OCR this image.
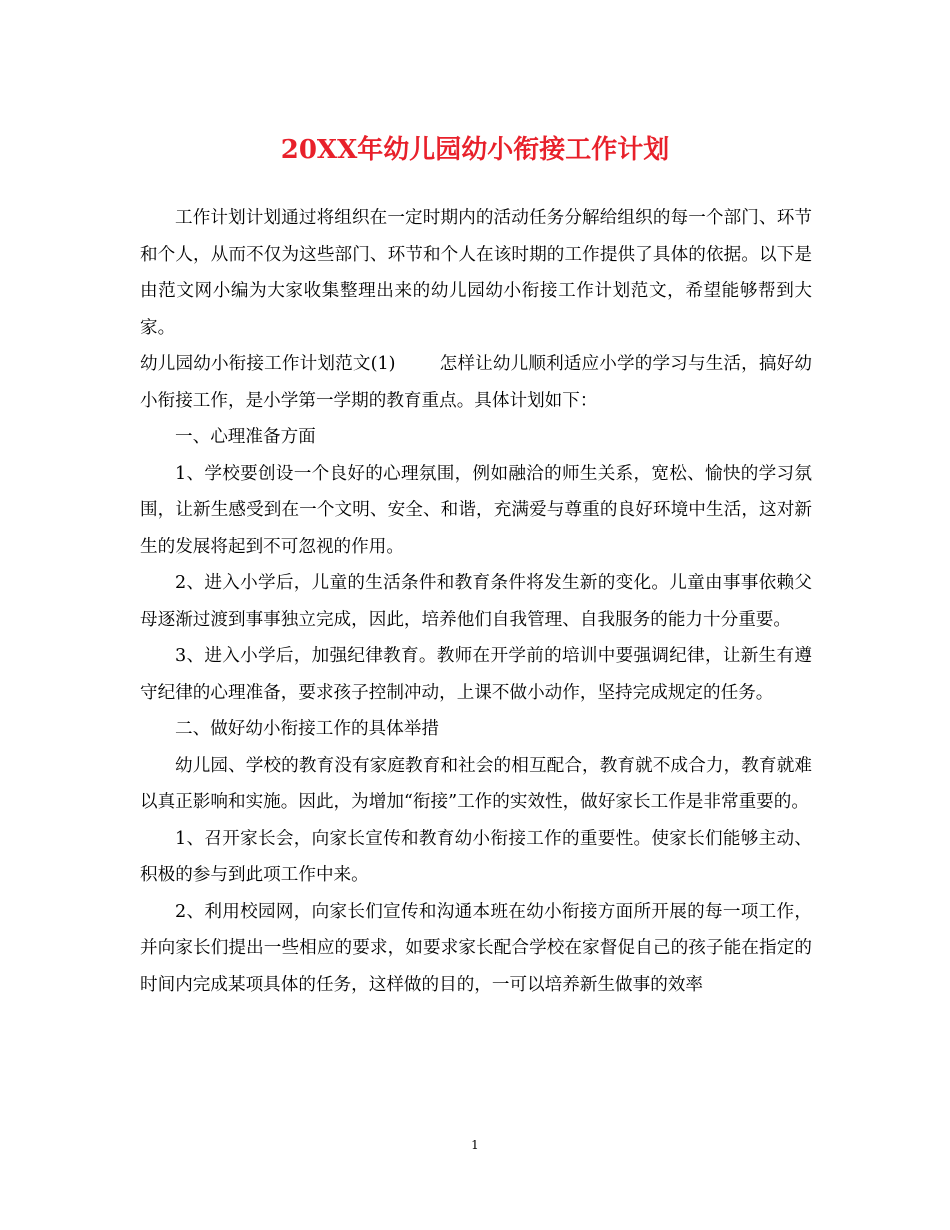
20XX年幼儿园幼小衔接工作计划

工作计划计划通过将组织在一定时期内的活动任务分解给组织的每一个部门、环节和个人，从而不仅为这些部门、环节和个人在该时期的工作提供了具体的依据。以下是由范文网小编为大家收集整理出来的幼儿园幼小衔接工作计划范文，希望能够帮到大家。

幼儿园幼小衔接工作计划范文(1)	怎样让幼儿顺利适应小学的学习与生活，搞好幼小衔接工作，是小学第一学期的教育重点。具体计划如下：

一、心理准备方面

1、学校要创设一个良好的心理氛围，例如融洽的师生关系，宽松、愉快的学习氛围，让新生感受到在一个文明、安全、和谐，充满爱与尊重的良好环境中生活，这对新生的发展将起到不可忽视的作用。

2、进入小学后，儿童的生活条件和教育条件将发生新的变化。儿童由事事依赖父母逐渐过渡到事事独立完成，因此，培养他们自我管理、自我服务的能力十分重要。

3、进入小学后，加强纪律教育。教师在开学前的培训中要强调纪律，让新生有遵守纪律的心理准备，要求孩子控制冲动，上课不做小动作，坚持完成规定的任务。

二、做好幼小衔接工作的具体举措

幼儿园、学校的教育没有家庭教育和社会的相互配合，教育就不成合力，教育就难以真正影响和实施。因此，为增加“衔接”工作的实效性，做好家长工作是非常重要的。

1、召开家长会，向家长宣传和教育幼小衔接工作的重要性。使家长们能够主动、积极的参与到此项工作中来。

2、利用校园网，向家长们宣传和沟通本班在幼小衔接方面所开展的每一项工作，并向家长们提出一些相应的要求，如要求家长配合学校在家督促自己的孩子能在指定的时间内完成某项具体的任务，这样做的目的，一可以培养新生做事的效率

1
